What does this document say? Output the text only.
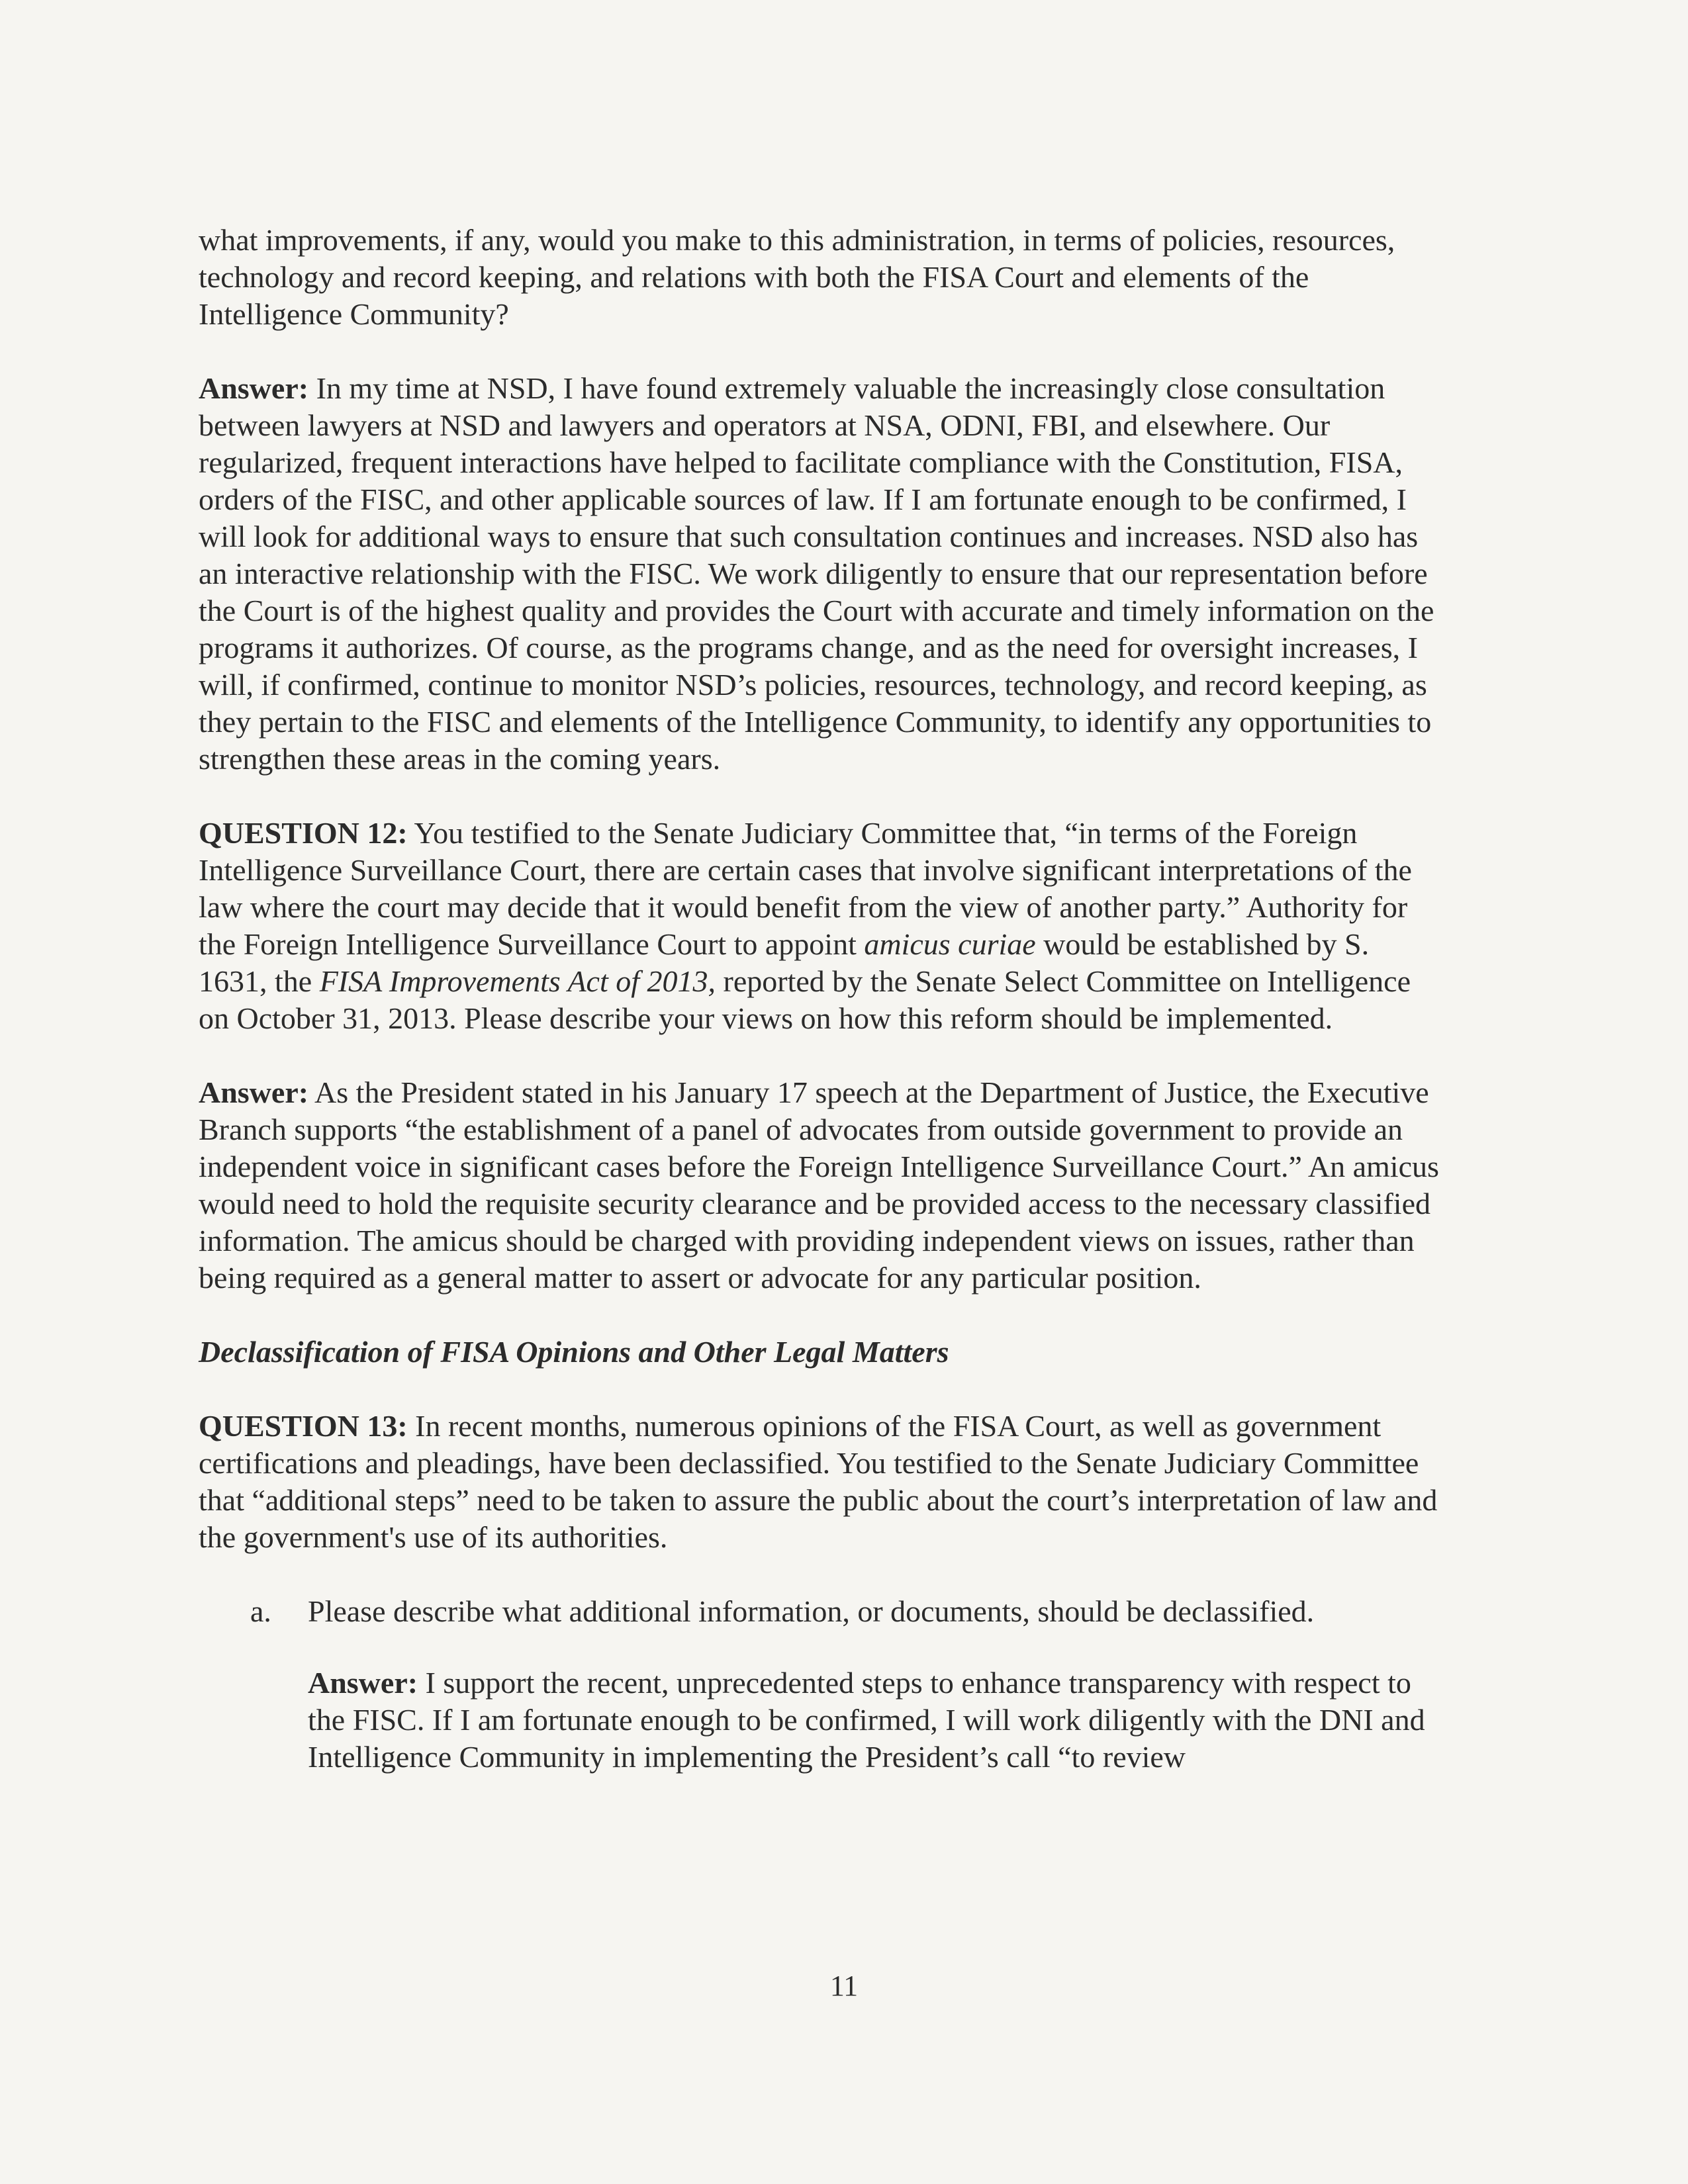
what improvements, if any, would you make to this administration, in terms of policies, resources, technology and record keeping, and relations with both the FISA Court and elements of the Intelligence Community?

Answer: In my time at NSD, I have found extremely valuable the increasingly close consultation between lawyers at NSD and lawyers and operators at NSA, ODNI, FBI, and elsewhere. Our regularized, frequent interactions have helped to facilitate compliance with the Constitution, FISA, orders of the FISC, and other applicable sources of law. If I am fortunate enough to be confirmed, I will look for additional ways to ensure that such consultation continues and increases. NSD also has an interactive relationship with the FISC. We work diligently to ensure that our representation before the Court is of the highest quality and provides the Court with accurate and timely information on the programs it authorizes. Of course, as the programs change, and as the need for oversight increases, I will, if confirmed, continue to monitor NSD’s policies, resources, technology, and record keeping, as they pertain to the FISC and elements of the Intelligence Community, to identify any opportunities to strengthen these areas in the coming years.

QUESTION 12: You testified to the Senate Judiciary Committee that, “in terms of the Foreign Intelligence Surveillance Court, there are certain cases that involve significant interpretations of the law where the court may decide that it would benefit from the view of another party.” Authority for the Foreign Intelligence Surveillance Court to appoint amicus curiae would be established by S. 1631, the FISA Improvements Act of 2013, reported by the Senate Select Committee on Intelligence on October 31, 2013. Please describe your views on how this reform should be implemented.

Answer: As the President stated in his January 17 speech at the Department of Justice, the Executive Branch supports “the establishment of a panel of advocates from outside government to provide an independent voice in significant cases before the Foreign Intelligence Surveillance Court.” An amicus would need to hold the requisite security clearance and be provided access to the necessary classified information. The amicus should be charged with providing independent views on issues, rather than being required as a general matter to assert or advocate for any particular position.

Declassification of FISA Opinions and Other Legal Matters

QUESTION 13: In recent months, numerous opinions of the FISA Court, as well as government certifications and pleadings, have been declassified. You testified to the Senate Judiciary Committee that “additional steps” need to be taken to assure the public about the court’s interpretation of law and the government's use of its authorities.

a. Please describe what additional information, or documents, should be declassified.

Answer: I support the recent, unprecedented steps to enhance transparency with respect to the FISC. If I am fortunate enough to be confirmed, I will work diligently with the DNI and Intelligence Community in implementing the President’s call “to review

11
